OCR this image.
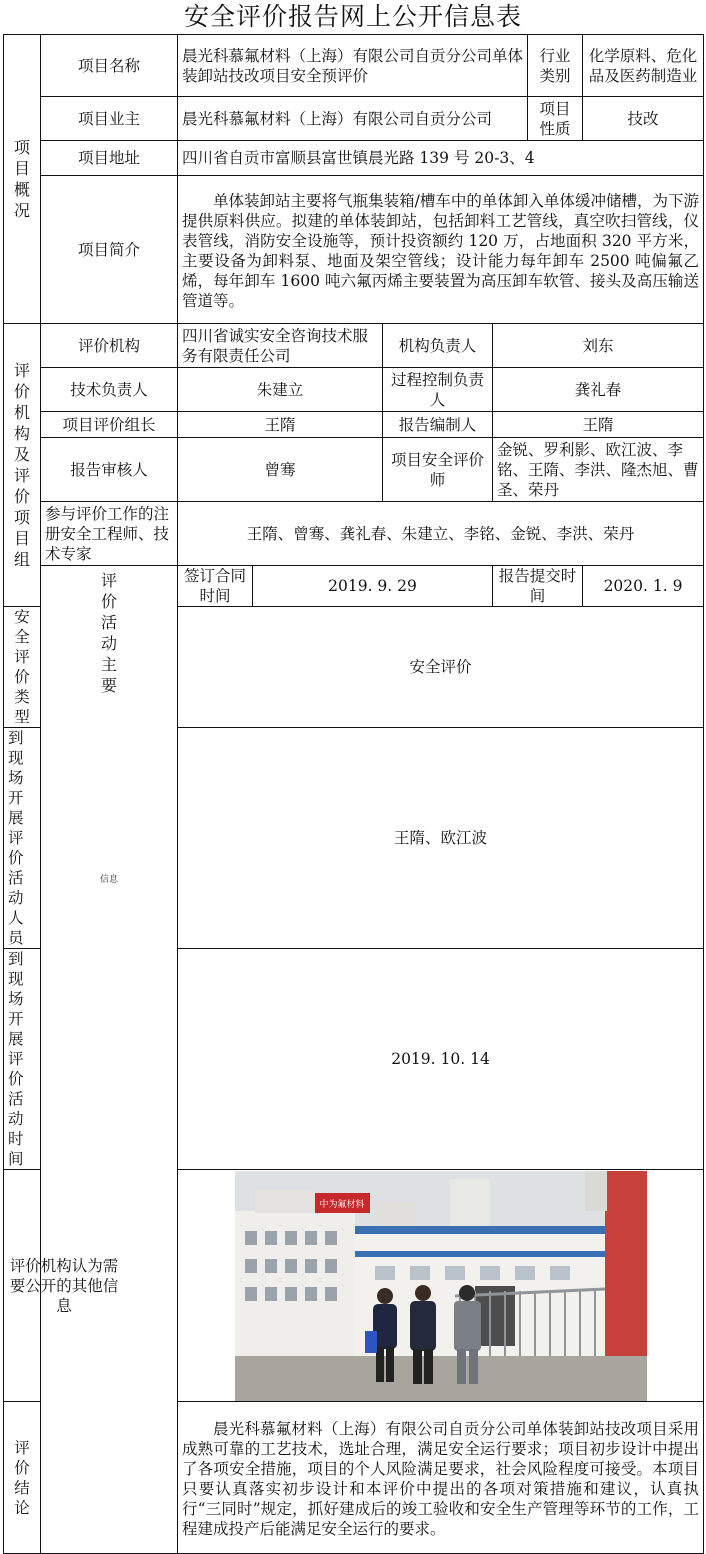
安全评价报告网上公开信息表
项目概况	项目名称	晨光科慕氟材料（上海）有限公司自贡分公司单体装卸站技改项目安全预评价				行业类别	化学原料、危化品及医药制造业
	项目业主	晨光科慕氟材料（上海）有限公司自贡分公司				项目性质	技改
	项目地址	四川省自贡市富顺县富世镇晨光路 139 号 20-3、4					
	项目简介	单体装卸站主要将气瓶集装箱/槽车中的单体卸入单体缓冲储槽，为下游提供原料供应。拟建的单体装卸站，包括卸料工艺管线，真空吹扫管线，仪表管线，消防安全设施等，预计投资额约 120 万，占地面积 320 平方米，主要设备为卸料泵、地面及架空管线；设计能力每年卸车 2500 吨偏氟乙烯，每年卸车 1600 吨六氟丙烯主要装置为高压卸车软管、接头及高压输送管道等。					

评价机构及评价项目组	评价机构	四川省诚实安全咨询技术服务有限责任公司		机构负责人	刘东		
	技术负责人	朱建立		过程控制负责人	龚礼春		
	项目评价组长	王隋		报告编制人	王隋		
	报告审核人	曾骞		项目安全评价师	金锐、罗利影、欧江波、李铭、王隋、李洪、隆杰旭、曹圣、荣丹		
	参与评价工作的注册安全工程师、技术专家	王隋、曾骞、龚礼春、朱建立、李铭、金锐、李洪、荣丹					

	评价活动主要
信息	签订合同时间	2019. 9. 29		报告提交时间		2020. 1. 9
安全评价类型		安全评价					
到现场开展评价活动人员		王隋、欧江波					
到现场开展评价活动时间		2019. 10. 14					

评价机构认为需要公开的其他信息		中为氟材料					

评价结论		晨光科慕氟材料（上海）有限公司自贡分公司单体装卸站技改项目采用成熟可靠的工艺技术，选址合理，满足安全运行要求；项目初步设计中提出了各项安全措施，项目的个人风险满足要求，社会风险程度可接受。本项目只要认真落实初步设计和本评价中提出的各项对策措施和建议，认真执行“三同时”规定，抓好建成后的竣工验收和安全生产管理等环节的工作，工程建成投产后能满足安全运行的要求。					
